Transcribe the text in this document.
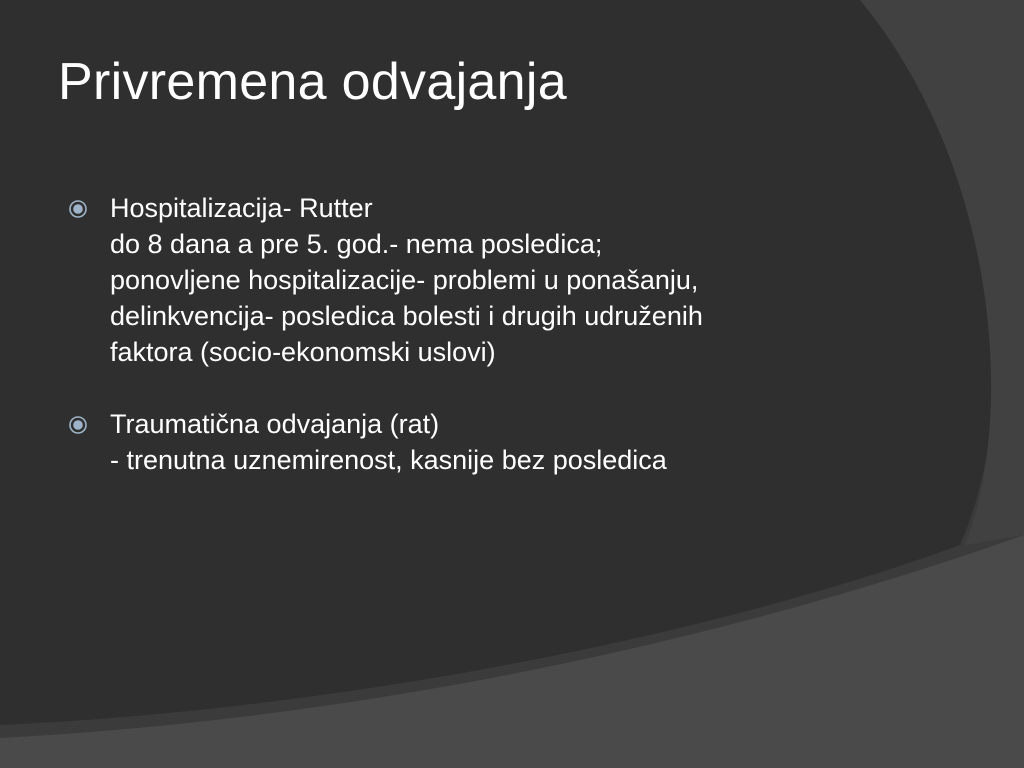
Privremena odvajanja
Hospitalizacija- Rutter
do 8 dana a pre 5. god.- nema posledica;
ponovljene hospitalizacije- problemi u ponašanju,
delinkvencija- posledica bolesti i drugih udruženih
faktora (socio-ekonomski uslovi)
Traumatična odvajanja (rat)
- trenutna uznemirenost, kasnije bez posledica
